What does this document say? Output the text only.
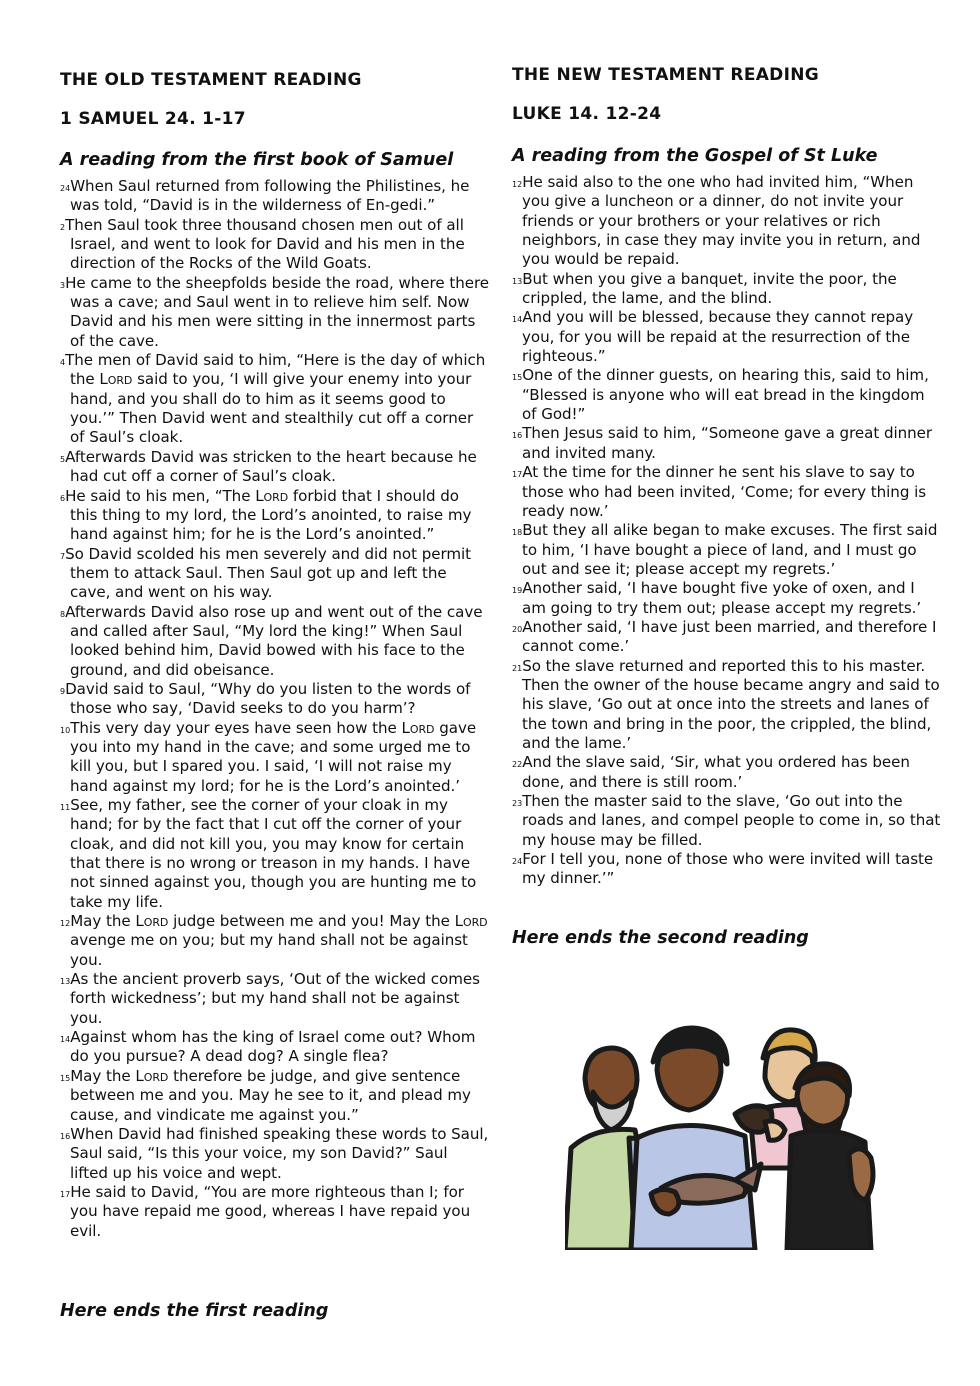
THE OLD TESTAMENT READING
1 SAMUEL 24. 1-17
A reading from the first book of Samuel

$^{24}$When Saul returned from following the Philistines, he was told, “David is in the wilderness of En-gedi.”

$^2$Then Saul took three thousand chosen men out of all Israel, and went to look for David and his men in the direction of the Rocks of the Wild Goats.

$^3$He came to the sheepfolds beside the road, where there was a cave; and Saul went in to relieve him self. Now David and his men were sitting in the innermost parts of the cave.

$^4$The men of David said to him, “Here is the day of which the Lord said to you, ‘I will give your enemy into your hand, and you shall do to him as it seems good to you.’” Then David went and stealthily cut off a corner of Saul’s cloak.

$^5$Afterwards David was stricken to the heart because he had cut off a corner of Saul’s cloak.

$^6$He said to his men, “The Lord forbid that I should do this thing to my lord, the Lord’s anointed, to raise my hand against him; for he is the Lord’s anointed.”

$^7$So David scolded his men severely and did not permit them to attack Saul. Then Saul got up and left the cave, and went on his way.

$^8$Afterwards David also rose up and went out of the cave and called after Saul, “My lord the king!” When Saul looked behind him, David bowed with his face to the ground, and did obeisance.

$^9$David said to Saul, “Why do you listen to the words of those who say, ‘David seeks to do you harm’?

$^{10}$This very day your eyes have seen how the Lord gave you into my hand in the cave; and some urged me to kill you, but I spared you. I said, ‘I will not raise my hand against my lord; for he is the Lord’s anointed.’

$^{11}$See, my father, see the corner of your cloak in my hand; for by the fact that I cut off the corner of your cloak, and did not kill you, you may know for certain that there is no wrong or treason in my hands. I have not sinned against you, though you are hunting me to take my life.

$^{12}$May the Lord judge between me and you! May the Lord avenge me on you; but my hand shall not be against you.

$^{13}$As the ancient proverb says, ‘Out of the wicked comes forth wickedness’; but my hand shall not be against you.

$^{14}$Against whom has the king of Israel come out? Whom do you pursue? A dead dog? A single flea?

$^{15}$May the Lord therefore be judge, and give sentence between me and you. May he see to it, and plead my cause, and vindicate me against you.”

$^{16}$When David had finished speaking these words to Saul, Saul said, “Is this your voice, my son David?” Saul lifted up his voice and wept.

$^{17}$He said to David, “You are more righteous than I; for you have repaid me good, whereas I have repaid you evil.

Here ends the first reading
THE NEW TESTAMENT READING
LUKE 14. 12-24
A reading from the Gospel of St Luke

$^{12}$He said also to the one who had invited him, “When you give a luncheon or a dinner, do not invite your friends or your brothers or your relatives or rich neighbors, in case they may invite you in return, and you would be repaid.

$^{13}$But when you give a banquet, invite the poor, the crippled, the lame, and the blind.

$^{14}$And you will be blessed, because they cannot repay you, for you will be repaid at the resurrection of the righteous.”

$^{15}$One of the dinner guests, on hearing this, said to him, “Blessed is anyone who will eat bread in the kingdom of God!”

$^{16}$Then Jesus said to him, “Someone gave a great dinner and invited many.

$^{17}$At the time for the dinner he sent his slave to say to those who had been invited, ‘Come; for every thing is ready now.’

$^{18}$But they all alike began to make excuses. The first said to him, ‘I have bought a piece of land, and I must go out and see it; please accept my regrets.’

$^{19}$Another said, ‘I have bought five yoke of oxen, and I am going to try them out; please accept my regrets.’

$^{20}$Another said, ‘I have just been married, and therefore I cannot come.’

$^{21}$So the slave returned and reported this to his master. Then the owner of the house became angry and said to his slave, ‘Go out at once into the streets and lanes of the town and bring in the poor, the crippled, the blind, and the lame.’

$^{22}$And the slave said, ‘Sir, what you ordered has been done, and there is still room.’

$^{23}$Then the master said to the slave, ‘Go out into the roads and lanes, and compel people to come in, so that my house may be filled.

$^{24}$For I tell you, none of those who were invited will taste my dinner.’”

Here ends the second reading
